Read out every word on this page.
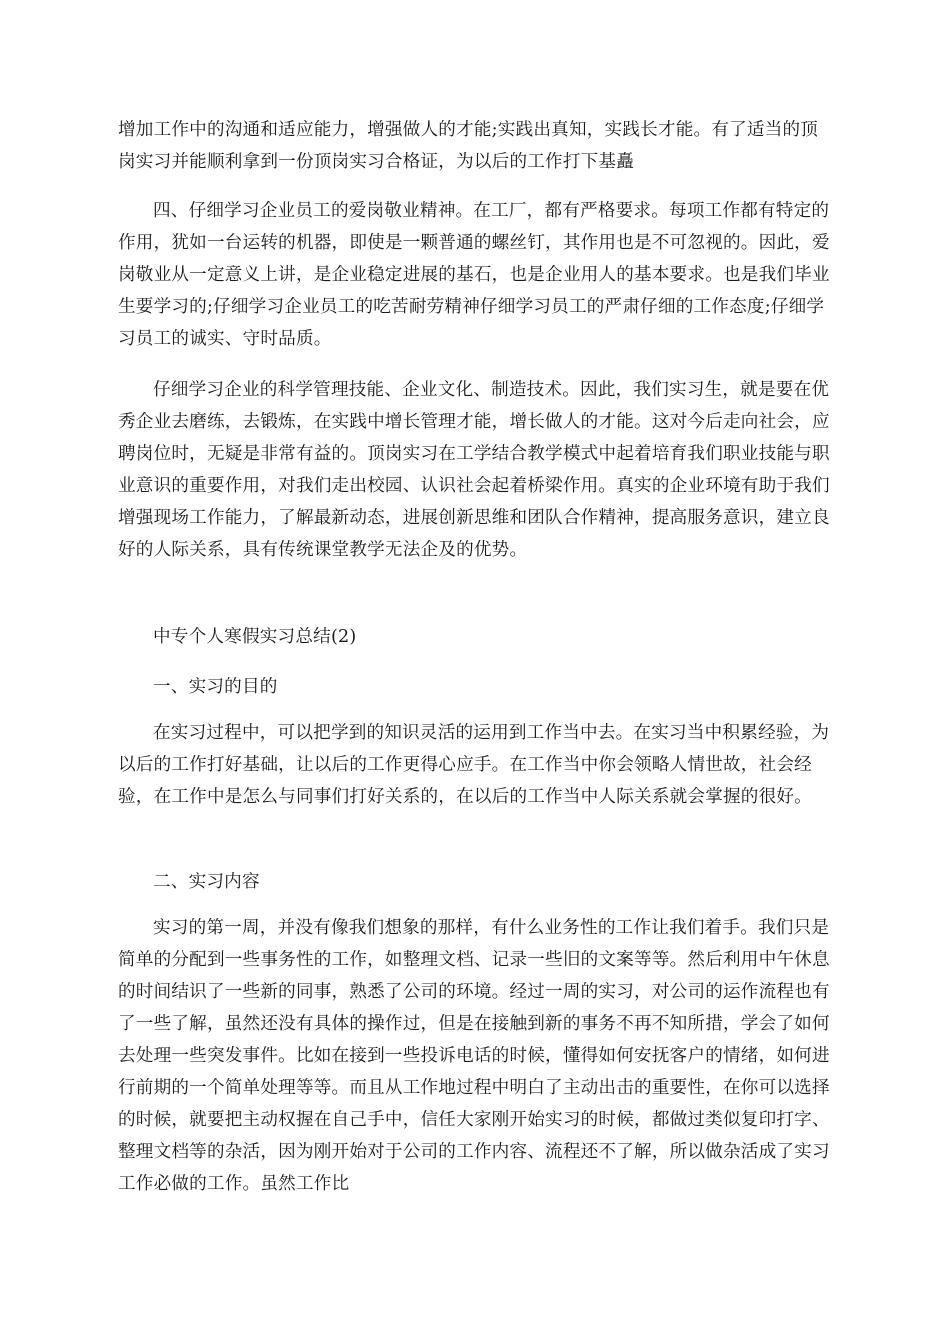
增加工作中的沟通和适应能力，增强做人的才能;实践出真知，实践长才能。有了适当的顶岗实习并能顺利拿到一份顶岗实习合格证，为以后的工作打下基矗

四、仔细学习企业员工的爱岗敬业精神。在工厂，都有严格要求。每项工作都有特定的作用，犹如一台运转的机器，即使是一颗普通的螺丝钉，其作用也是不可忽视的。因此，爱岗敬业从一定意义上讲，是企业稳定进展的基石，也是企业用人的基本要求。也是我们毕业生要学习的;仔细学习企业员工的吃苦耐劳精神仔细学习员工的严肃仔细的工作态度;仔细学习员工的诚实、守时品质。

仔细学习企业的科学管理技能、企业文化、制造技术。因此，我们实习生，就是要在优秀企业去磨练，去锻炼，在实践中增长管理才能，增长做人的才能。这对今后走向社会，应聘岗位时，无疑是非常有益的。顶岗实习在工学结合教学模式中起着培育我们职业技能与职业意识的重要作用，对我们走出校园、认识社会起着桥梁作用。真实的企业环境有助于我们增强现场工作能力，了解最新动态，进展创新思维和团队合作精神，提高服务意识，建立良好的人际关系，具有传统课堂教学无法企及的优势。

中专个人寒假实习总结(2)

一、实习的目的

在实习过程中，可以把学到的知识灵活的运用到工作当中去。在实习当中积累经验，为以后的工作打好基础，让以后的工作更得心应手。在工作当中你会领略人情世故，社会经验，在工作中是怎么与同事们打好关系的，在以后的工作当中人际关系就会掌握的很好。

二、实习内容

实习的第一周，并没有像我们想象的那样，有什么业务性的工作让我们着手。我们只是简单的分配到一些事务性的工作，如整理文档、记录一些旧的文案等等。然后利用中午休息的时间结识了一些新的同事，熟悉了公司的环境。经过一周的实习，对公司的运作流程也有了一些了解，虽然还没有具体的操作过，但是在接触到新的事务不再不知所措，学会了如何去处理一些突发事件。比如在接到一些投诉电话的时候，懂得如何安抚客户的情绪，如何进行前期的一个简单处理等等。而且从工作地过程中明白了主动出击的重要性，在你可以选择的时候，就要把主动权握在自己手中，信任大家刚开始实习的时候，都做过类似复印打字、整理文档等的杂活，因为刚开始对于公司的工作内容、流程还不了解，所以做杂活成了实习工作必做的工作。虽然工作比
